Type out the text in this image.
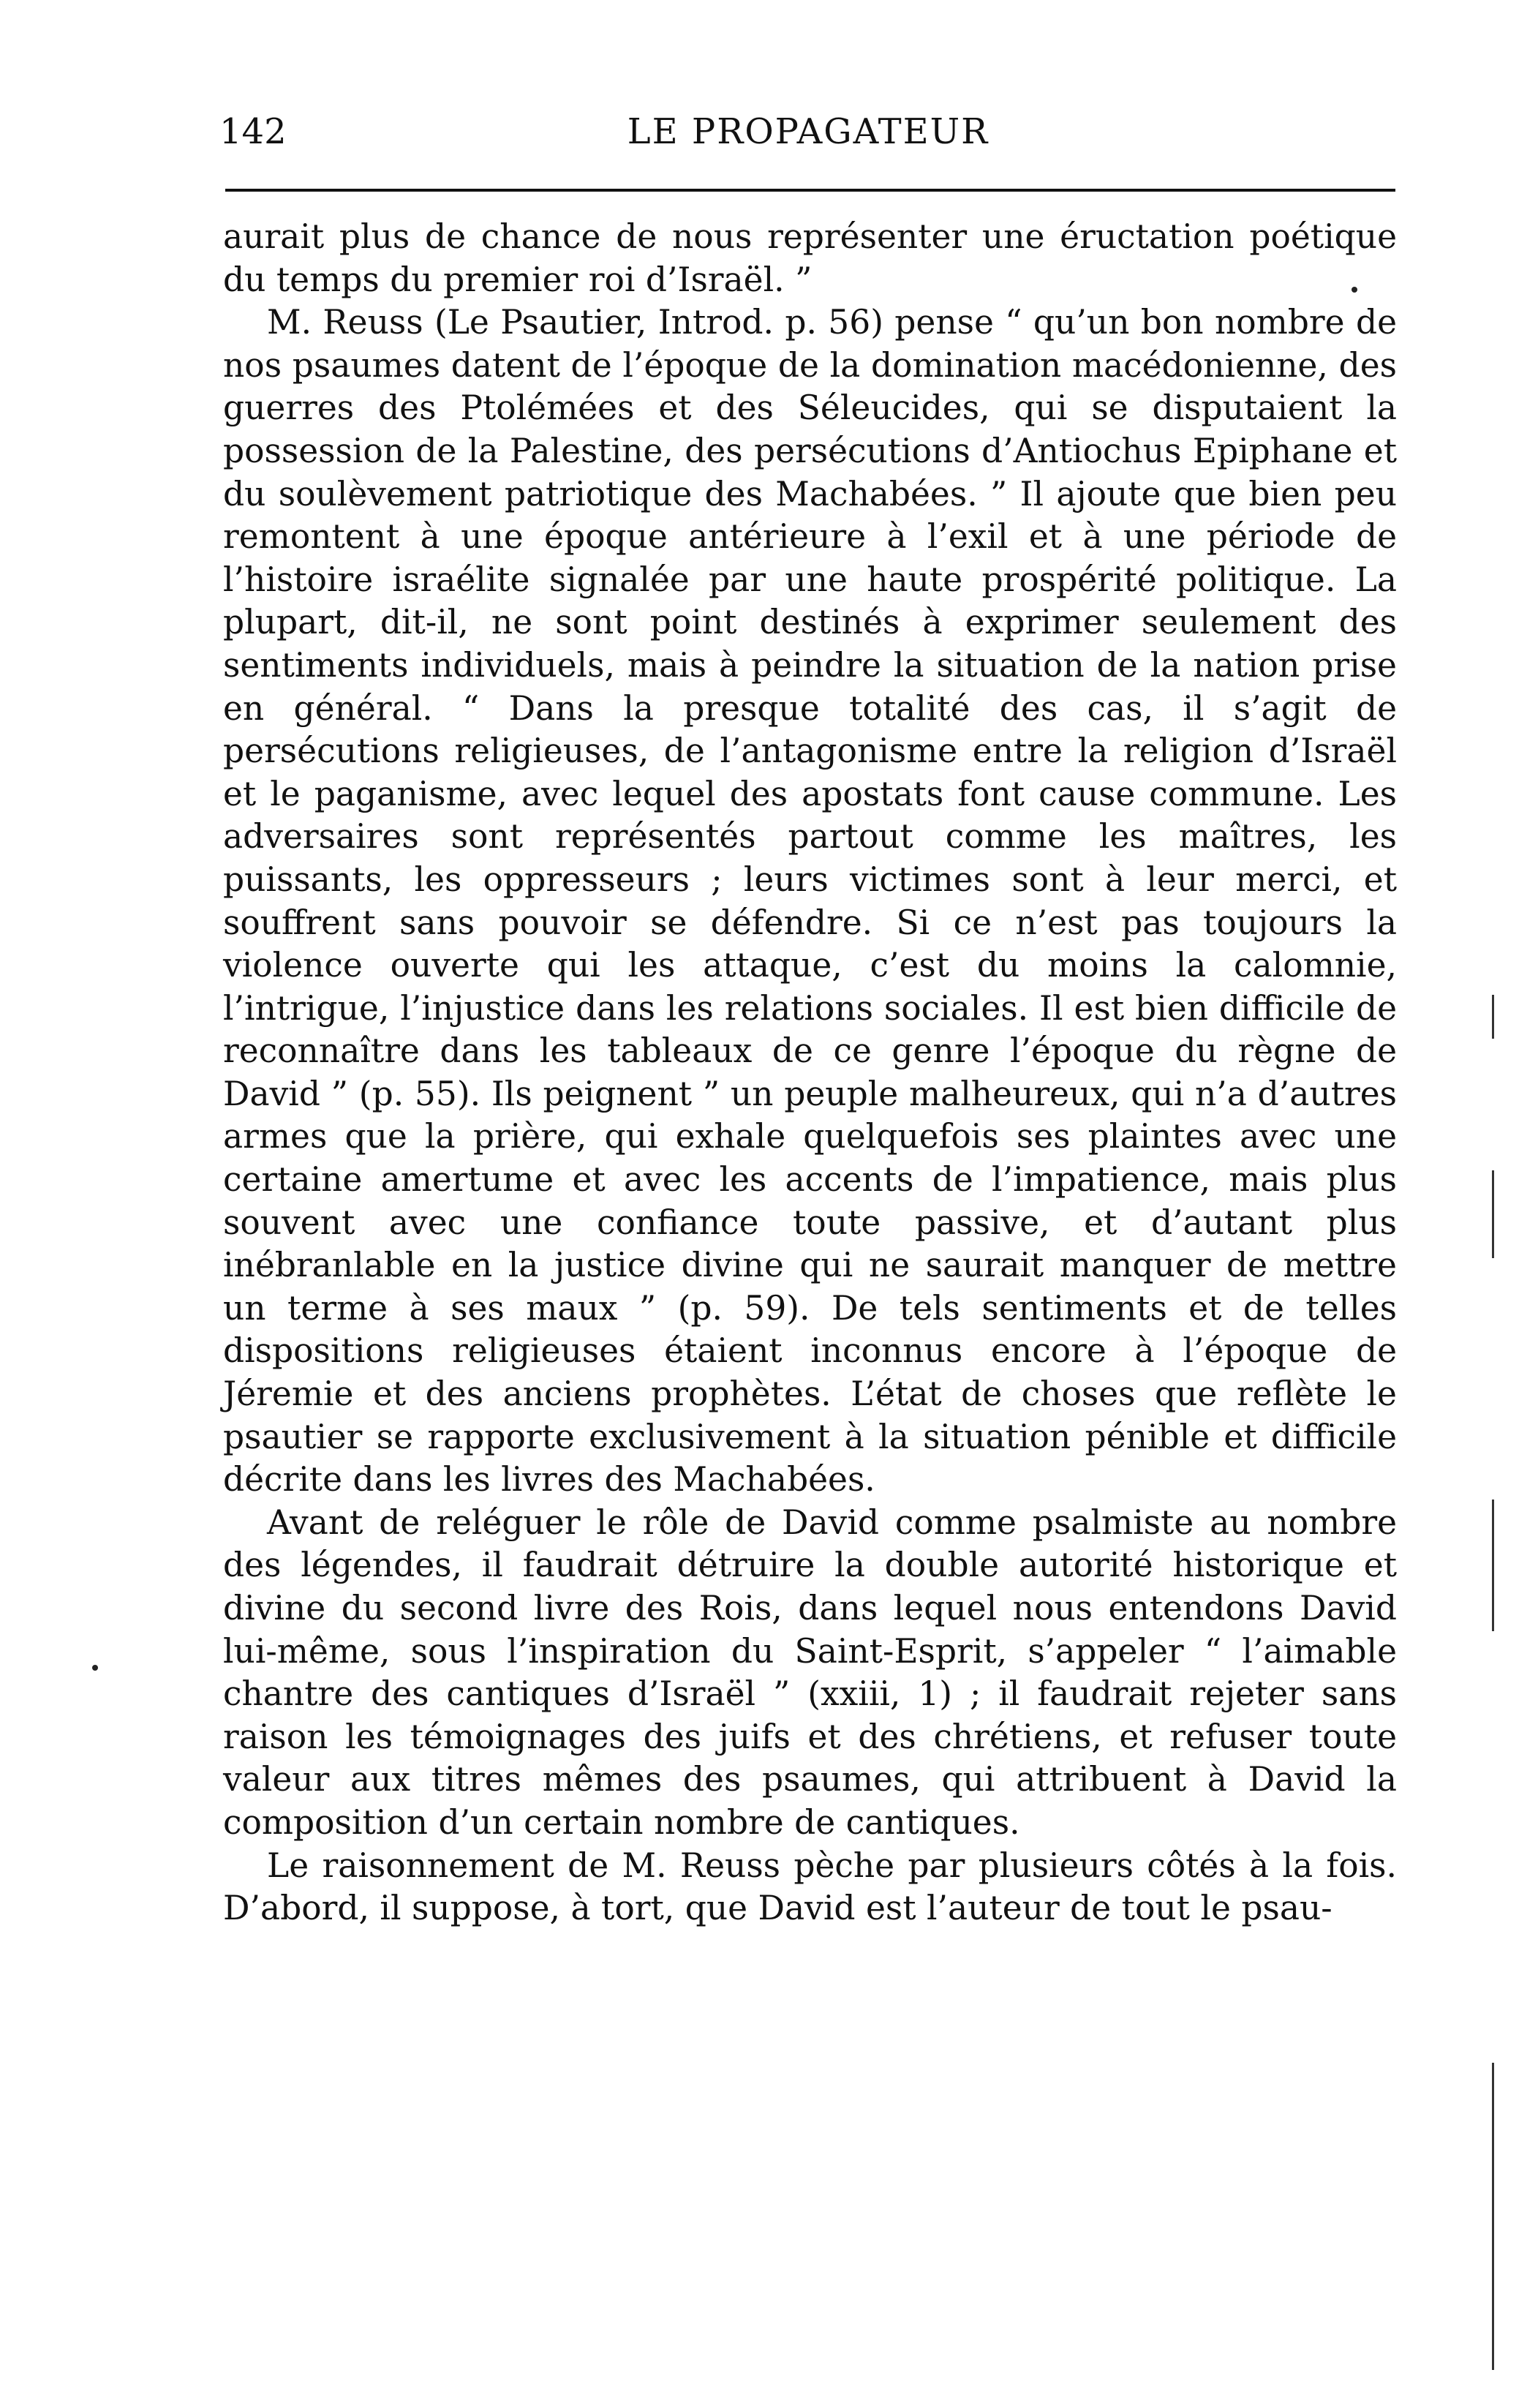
142	LE PROPAGATEUR

aurait plus de chance de nous représenter une éructation poétique du temps du premier roi d’Israël. ”

M. Reuss (Le Psautier, Introd. p. 56) pense “ qu’un bon nombre de nos psaumes datent de l’époque de la domination macédonienne, des guerres des Ptolémées et des Séleucides, qui se disputaient la possession de la Palestine, des persécutions d’Antiochus Epiphane et du soulèvement patriotique des Machabées. ” Il ajoute que bien peu remontent à une époque antérieure à l’exil et à une période de l’histoire israélite signalée par une haute prospérité politique. La plupart, dit-il, ne sont point destinés à exprimer seulement des sentiments individuels, mais à peindre la situation de la nation prise en général. “ Dans la presque totalité des cas, il s’agit de persécutions religieuses, de l’antagonisme entre la religion d’Israël et le paganisme, avec lequel des apostats font cause commune. Les adversaires sont représentés partout comme les maîtres, les puissants, les oppresseurs ; leurs victimes sont à leur merci, et souffrent sans pouvoir se défendre. Si ce n’est pas toujours la violence ouverte qui les attaque, c’est du moins la calomnie, l’intrigue, l’injustice dans les relations sociales. Il est bien difficile de reconnaître dans les tableaux de ce genre l’époque du règne de David ” (p. 55). Ils peignent ” un peuple malheureux, qui n’a d’autres armes que la prière, qui exhale quelquefois ses plaintes avec une certaine amertume et avec les accents de l’impatience, mais plus souvent avec une confiance toute passive, et d’autant plus inébranlable en la justice divine qui ne saurait manquer de mettre un terme à ses maux ” (p. 59). De tels sentiments et de telles dispositions religieuses étaient inconnus encore à l’époque de Jéremie et des anciens prophètes. L’état de choses que reflète le psautier se rapporte exclusivement à la situation pénible et difficile décrite dans les livres des Machabées.

Avant de reléguer le rôle de David comme psalmiste au nombre des légendes, il faudrait détruire la double autorité historique et divine du second livre des Rois, dans lequel nous entendons David lui-même, sous l’inspiration du Saint-Esprit, s’appeler “ l’aimable chantre des cantiques d’Israël ” (xxiii, 1) ; il faudrait rejeter sans raison les témoignages des juifs et des chrétiens, et refuser toute valeur aux titres mêmes des psaumes, qui attribuent à David la composition d’un certain nombre de cantiques.

Le raisonnement de M. Reuss pèche par plusieurs côtés à la fois. D’abord, il suppose, à tort, que David est l’auteur de tout le psau-
